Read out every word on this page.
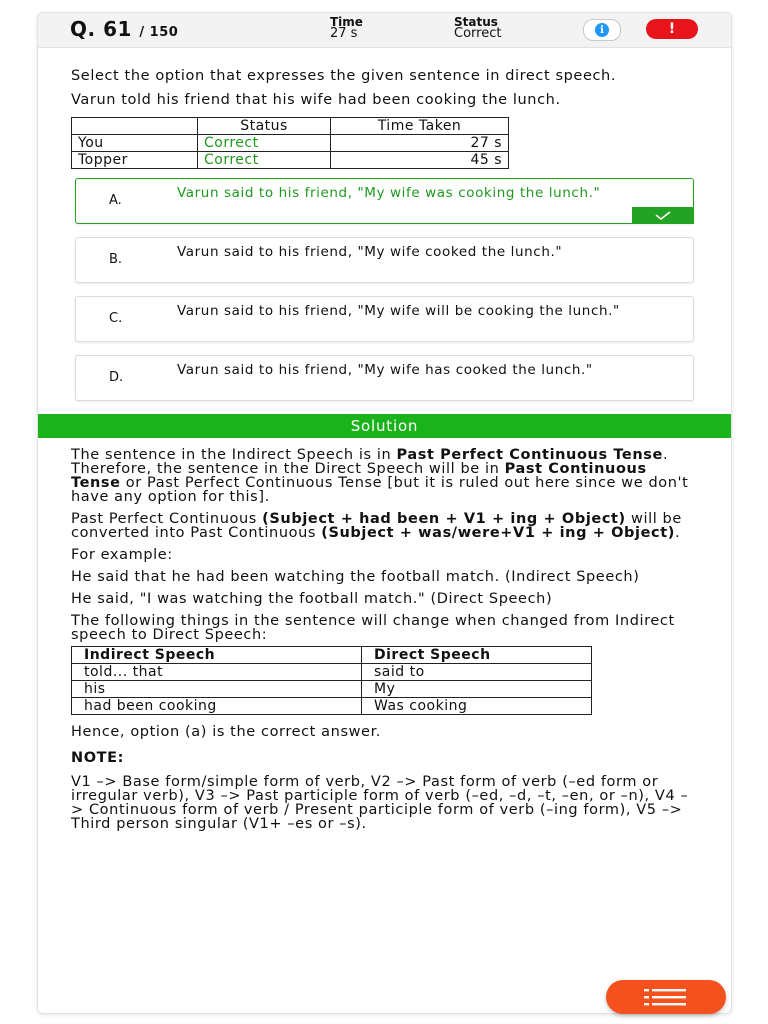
Q. 61 / 150
Time
27 s
Status
Correct	i	!

Select the option that expresses the given sentence in direct speech.

Varun told his friend that his wife had been cooking the lunch.

	Status	Time Taken
You	Correct	27 s
Topper	Correct	45 s
A.	Varun said to his friend, "My wife was cooking the lunch."
B.	Varun said to his friend, "My wife cooked the lunch."
C.	Varun said to his friend, "My wife will be cooking the lunch."
D.	Varun said to his friend, "My wife has cooked the lunch."
Solution

The sentence in the Indirect Speech is in Past Perfect Continuous Tense. Therefore, the sentence in the Direct Speech will be in Past Continuous Tense or Past Perfect Continuous Tense [but it is ruled out here since we don't have any option for this].

Past Perfect Continuous (Subject + had been + V1 + ing + Object) will be converted into Past Continuous (Subject + was/were+V1 + ing + Object).

For example:

He said that he had been watching the football match. (Indirect Speech)

He said, "I was watching the football match." (Direct Speech)

The following things in the sentence will change when changed from Indirect speech to Direct Speech:

Indirect Speech	Direct Speech
told... that	said to
his	My
had been cooking	Was cooking

Hence, option (a) is the correct answer.

NOTE:

V1 –> Base form/simple form of verb, V2 –> Past form of verb (–ed form or irregular verb), V3 –> Past participle form of verb (–ed, –d, –t, –en, or –n), V4 –> Continuous form of verb / Present participle form of verb (–ing form), V5 –> Third person singular (V1+ –es or –s).
